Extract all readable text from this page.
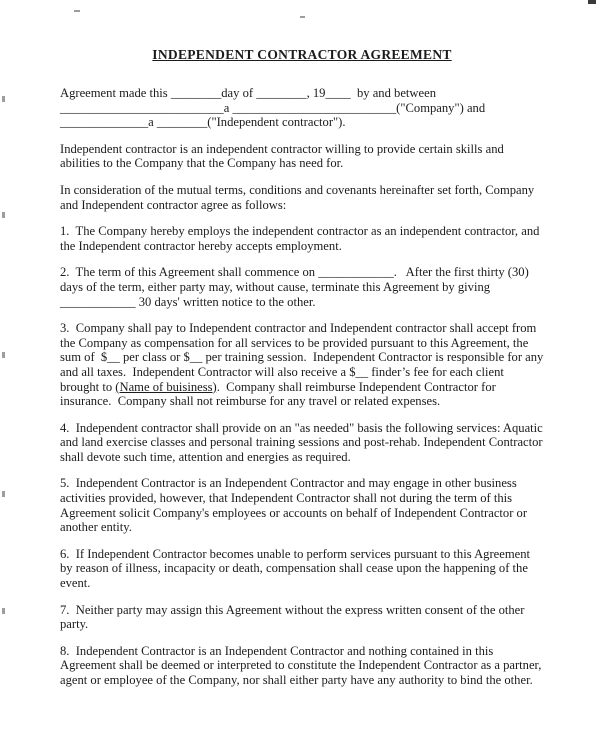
INDEPENDENT CONTRACTOR AGREEMENT

Agreement made this ________day of ________, 19____  by and between __________________________a __________________________("Company") and ______________a ________("Independent contractor").

Independent contractor is an independent contractor willing to provide certain skills and abilities to the Company that the Company has need for.

In consideration of the mutual terms, conditions and covenants hereinafter set forth, Company and Independent contractor agree as follows:

1.  The Company hereby employs the independent contractor as an independent contractor, and the Independent contractor hereby accepts employment.

2.  The term of this Agreement shall commence on ____________.   After the first thirty (30) days of the term, either party may, without cause, terminate this Agreement by giving ____________ 30 days' written notice to the other.

3.  Company shall pay to Independent contractor and Independent contractor shall accept from the Company as compensation for all services to be provided pursuant to this Agreement, the sum of  $__ per class or $__ per training session.  Independent Contractor is responsible for any and all taxes.  Independent Contractor will also receive a $__ finder’s fee for each client brought to (Name of buisiness).  Company shall reimburse Independent Contractor for insurance.  Company shall not reimburse for any travel or related expenses.

4.  Independent contractor shall provide on an "as needed" basis the following services: Aquatic and land exercise classes and personal training sessions and post-rehab. Independent Contractor shall devote such time, attention and energies as required.

5.  Independent Contractor is an Independent Contractor and may engage in other business activities provided, however, that Independent Contractor shall not during the term of this Agreement solicit Company's employees or accounts on behalf of Independent Contractor or another entity.

6.  If Independent Contractor becomes unable to perform services pursuant to this Agreement by reason of illness, incapacity or death, compensation shall cease upon the happening of the event.

7.  Neither party may assign this Agreement without the express written consent of the other party.

8.  Independent Contractor is an Independent Contractor and nothing contained in this Agreement shall be deemed or interpreted to constitute the Independent Contractor as a partner, agent or employee of the Company, nor shall either party have any authority to bind the other.
